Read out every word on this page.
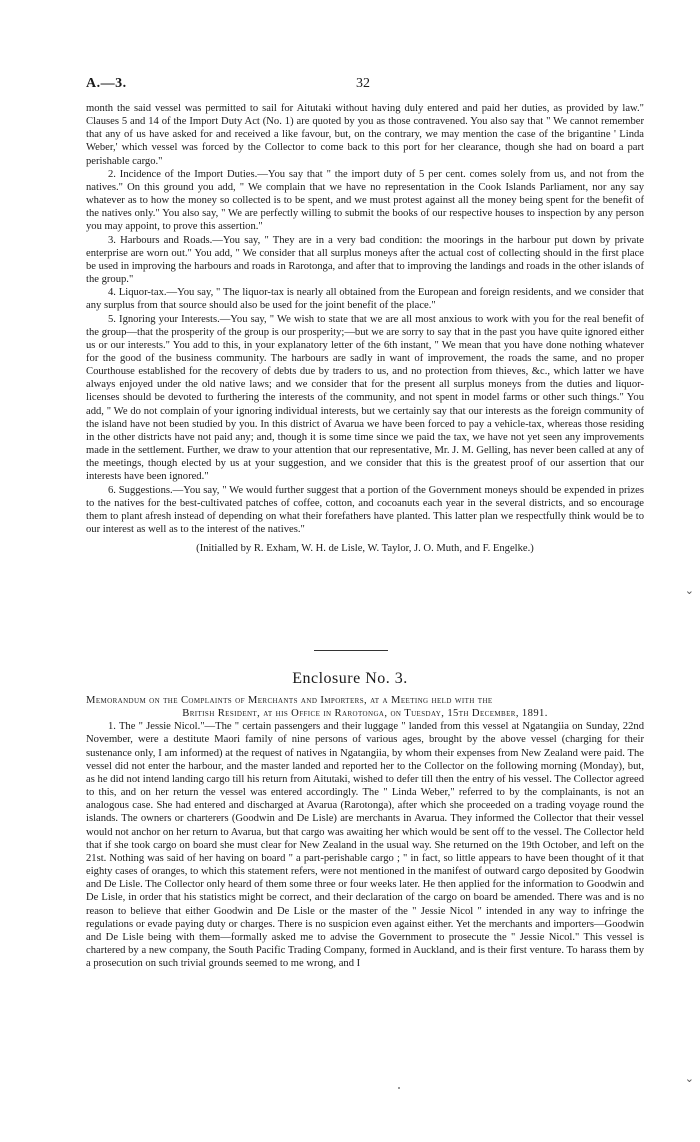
A.—3.	32

month the said vessel was permitted to sail for Aitutaki without having duly entered and paid her duties, as provided by law." Clauses 5 and 14 of the Import Duty Act (No. 1) are quoted by you as those contravened. You also say that " We cannot remember that any of us have asked for and received a like favour, but, on the contrary, we may mention the case of the brigantine ' Linda Weber,' which vessel was forced by the Collector to come back to this port for her clearance, though she had on board a part perishable cargo."

2. Incidence of the Import Duties.—You say that " the import duty of 5 per cent. comes solely from us, and not from the natives." On this ground you add, " We complain that we have no representation in the Cook Islands Parliament, nor any say whatever as to how the money so collected is to be spent, and we must protest against all the money being spent for the benefit of the natives only." You also say, " We are perfectly willing to submit the books of our respective houses to inspection by any person you may appoint, to prove this assertion."

3. Harbours and Roads.—You say, " They are in a very bad condition: the moorings in the harbour put down by private enterprise are worn out." You add, " We consider that all surplus moneys after the actual cost of collecting should in the first place be used in improving the harbours and roads in Rarotonga, and after that to improving the landings and roads in the other islands of the group."

4. Liquor-tax.—You say, " The liquor-tax is nearly all obtained from the European and foreign residents, and we consider that any surplus from that source should also be used for the joint benefit of the place."

5. Ignoring your Interests.—You say, " We wish to state that we are all most anxious to work with you for the real benefit of the group—that the prosperity of the group is our prosperity;—but we are sorry to say that in the past you have quite ignored either us or our interests." You add to this, in your explanatory letter of the 6th instant, " We mean that you have done nothing whatever for the good of the business community. The harbours are sadly in want of improvement, the roads the same, and no proper Courthouse established for the recovery of debts due by traders to us, and no protection from thieves, &c., which latter we have always enjoyed under the old native laws; and we consider that for the present all surplus moneys from the duties and liquor-licenses should be devoted to furthering the interests of the community, and not spent in model farms or other such things." You add, " We do not complain of your ignoring individual interests, but we certainly say that our interests as the foreign community of the island have not been studied by you. In this district of Avarua we have been forced to pay a vehicle-tax, whereas those residing in the other districts have not paid any; and, though it is some time since we paid the tax, we have not yet seen any improvements made in the settlement. Further, we draw to your attention that our representative, Mr. J. M. Gelling, has never been called at any of the meetings, though elected by us at your suggestion, and we consider that this is the greatest proof of our assertion that our interests have been ignored."

6. Suggestions.—You say, " We would further suggest that a portion of the Government moneys should be expended in prizes to the natives for the best-cultivated patches of coffee, cotton, and cocoanuts each year in the several districts, and so encourage them to plant afresh instead of depending on what their forefathers have planted. This latter plan we respectfully think would be to our interest as well as to the interest of the natives."

(Initialled by R. Exham, W. H. de Lisle, W. Taylor, J. O. Muth, and F. Engelke.)

Enclosure No. 3.

Memorandum on the Complaints of Merchants and Importers, at a Meeting held with the
British Resident, at his Office in Rarotonga, on Tuesday, 15th December, 1891.

1. The " Jessie Nicol."—The " certain passengers and their luggage " landed from this vessel at Ngatangiia on Sunday, 22nd November, were a destitute Maori family of nine persons of various ages, brought by the above vessel (charging for their sustenance only, I am informed) at the request of natives in Ngatangiia, by whom their expenses from New Zealand were paid. The vessel did not enter the harbour, and the master landed and reported her to the Collector on the following morning (Monday), but, as he did not intend landing cargo till his return from Aitutaki, wished to defer till then the entry of his vessel. The Collector agreed to this, and on her return the vessel was entered accordingly. The " Linda Weber," referred to by the complainants, is not an analogous case. She had entered and discharged at Avarua (Rarotonga), after which she proceeded on a trading voyage round the islands. The owners or charterers (Goodwin and De Lisle) are merchants in Avarua. They informed the Collector that their vessel would not anchor on her return to Avarua, but that cargo was awaiting her which would be sent off to the vessel. The Collector held that if she took cargo on board she must clear for New Zealand in the usual way. She returned on the 19th October, and left on the 21st. Nothing was said of her having on board " a part-perishable cargo ; " in fact, so little appears to have been thought of it that eighty cases of oranges, to which this statement refers, were not mentioned in the manifest of outward cargo deposited by Goodwin and De Lisle. The Collector only heard of them some three or four weeks later. He then applied for the information to Goodwin and De Lisle, in order that his statistics might be correct, and their declaration of the cargo on board be amended. There was and is no reason to believe that either Goodwin and De Lisle or the master of the " Jessie Nicol " intended in any way to infringe the regulations or evade paying duty or charges. There is no suspicion even against either. Yet the merchants and importers—Goodwin and De Lisle being with them—formally asked me to advise the Government to prosecute the " Jessie Nicol." This vessel is chartered by a new company, the South Pacific Trading Company, formed in Auckland, and is their first venture. To harass them by a prosecution on such trivial grounds seemed to me wrong, and I

⌄
⌄
